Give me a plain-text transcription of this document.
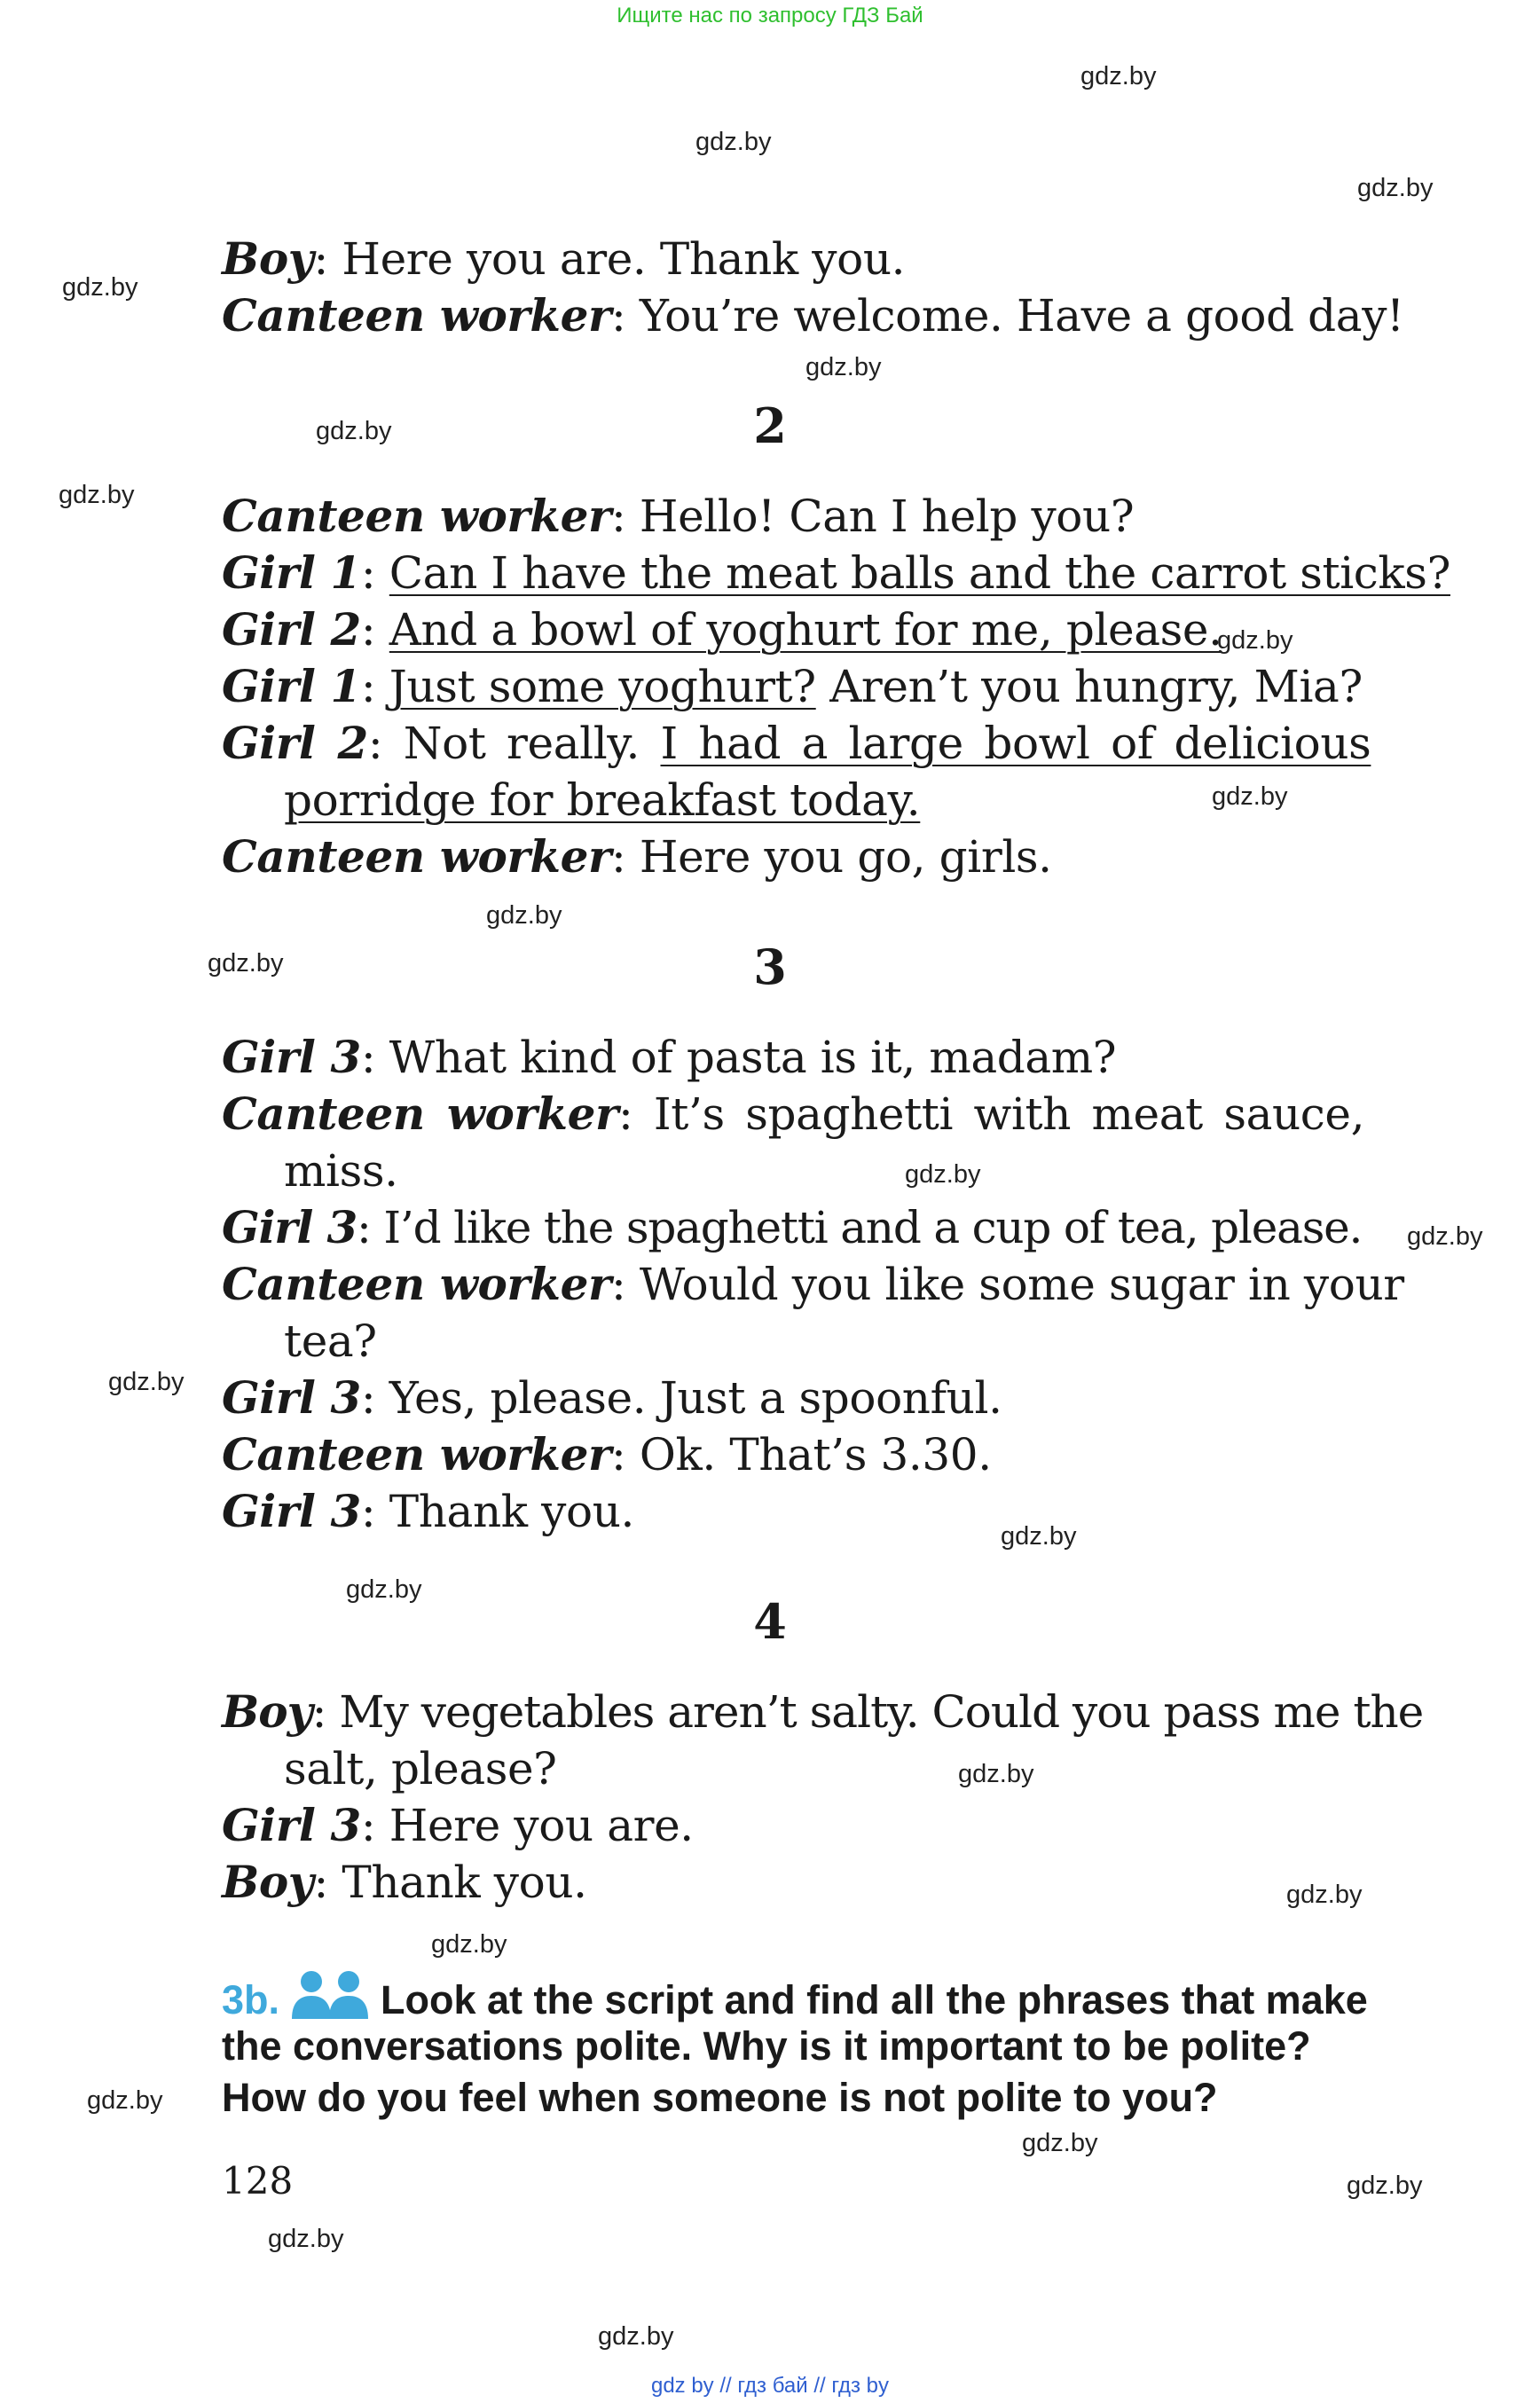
Ищите нас по запросу ГДЗ Бай
Boy: Here you are. Thank you.
Canteen worker: You’re welcome. Have a good day!
2
Canteen worker: Hello! Can I help you?
Girl 1: Can I have the meat balls and the carrot sticks?
Girl 2: And a bowl of yoghurt for me, please.
Girl 1: Just some yoghurt? Aren’t you hungry, Mia?
Girl 2: Not really. I had a large bowl of delicious
porridge for breakfast today.
Canteen worker: Here you go, girls.
3
Girl 3: What kind of pasta is it, madam?
Canteen worker: It’s spaghetti with meat sauce,
miss.
Girl 3: I’d like the spaghetti and a cup of tea, please.
Canteen worker: Would you like some sugar in your
tea?
Girl 3: Yes, please. Just a spoonful.
Canteen worker: Ok. That’s 3.30.
Girl 3: Thank you.
4
Boy: My vegetables aren’t salty. Could you pass me the
salt, please?
Girl 3: Here you are.
Boy: Thank you.
3b.	Look at the script and find all the phrases that make
the conversations polite. Why is it important to be polite?
How do you feel when someone is not polite to you?
128
gdz.by
gdz.by
gdz.by
gdz.by
gdz.by
gdz.by
gdz.by
gdz.by
gdz.by
gdz.by
gdz.by
gdz.by
gdz.by
gdz.by
gdz.by
gdz.by
gdz.by
gdz.by
gdz.by
gdz.by
gdz.by
gdz.by
gdz.by
gdz.by
gdz by // гдз бай // гдз by
